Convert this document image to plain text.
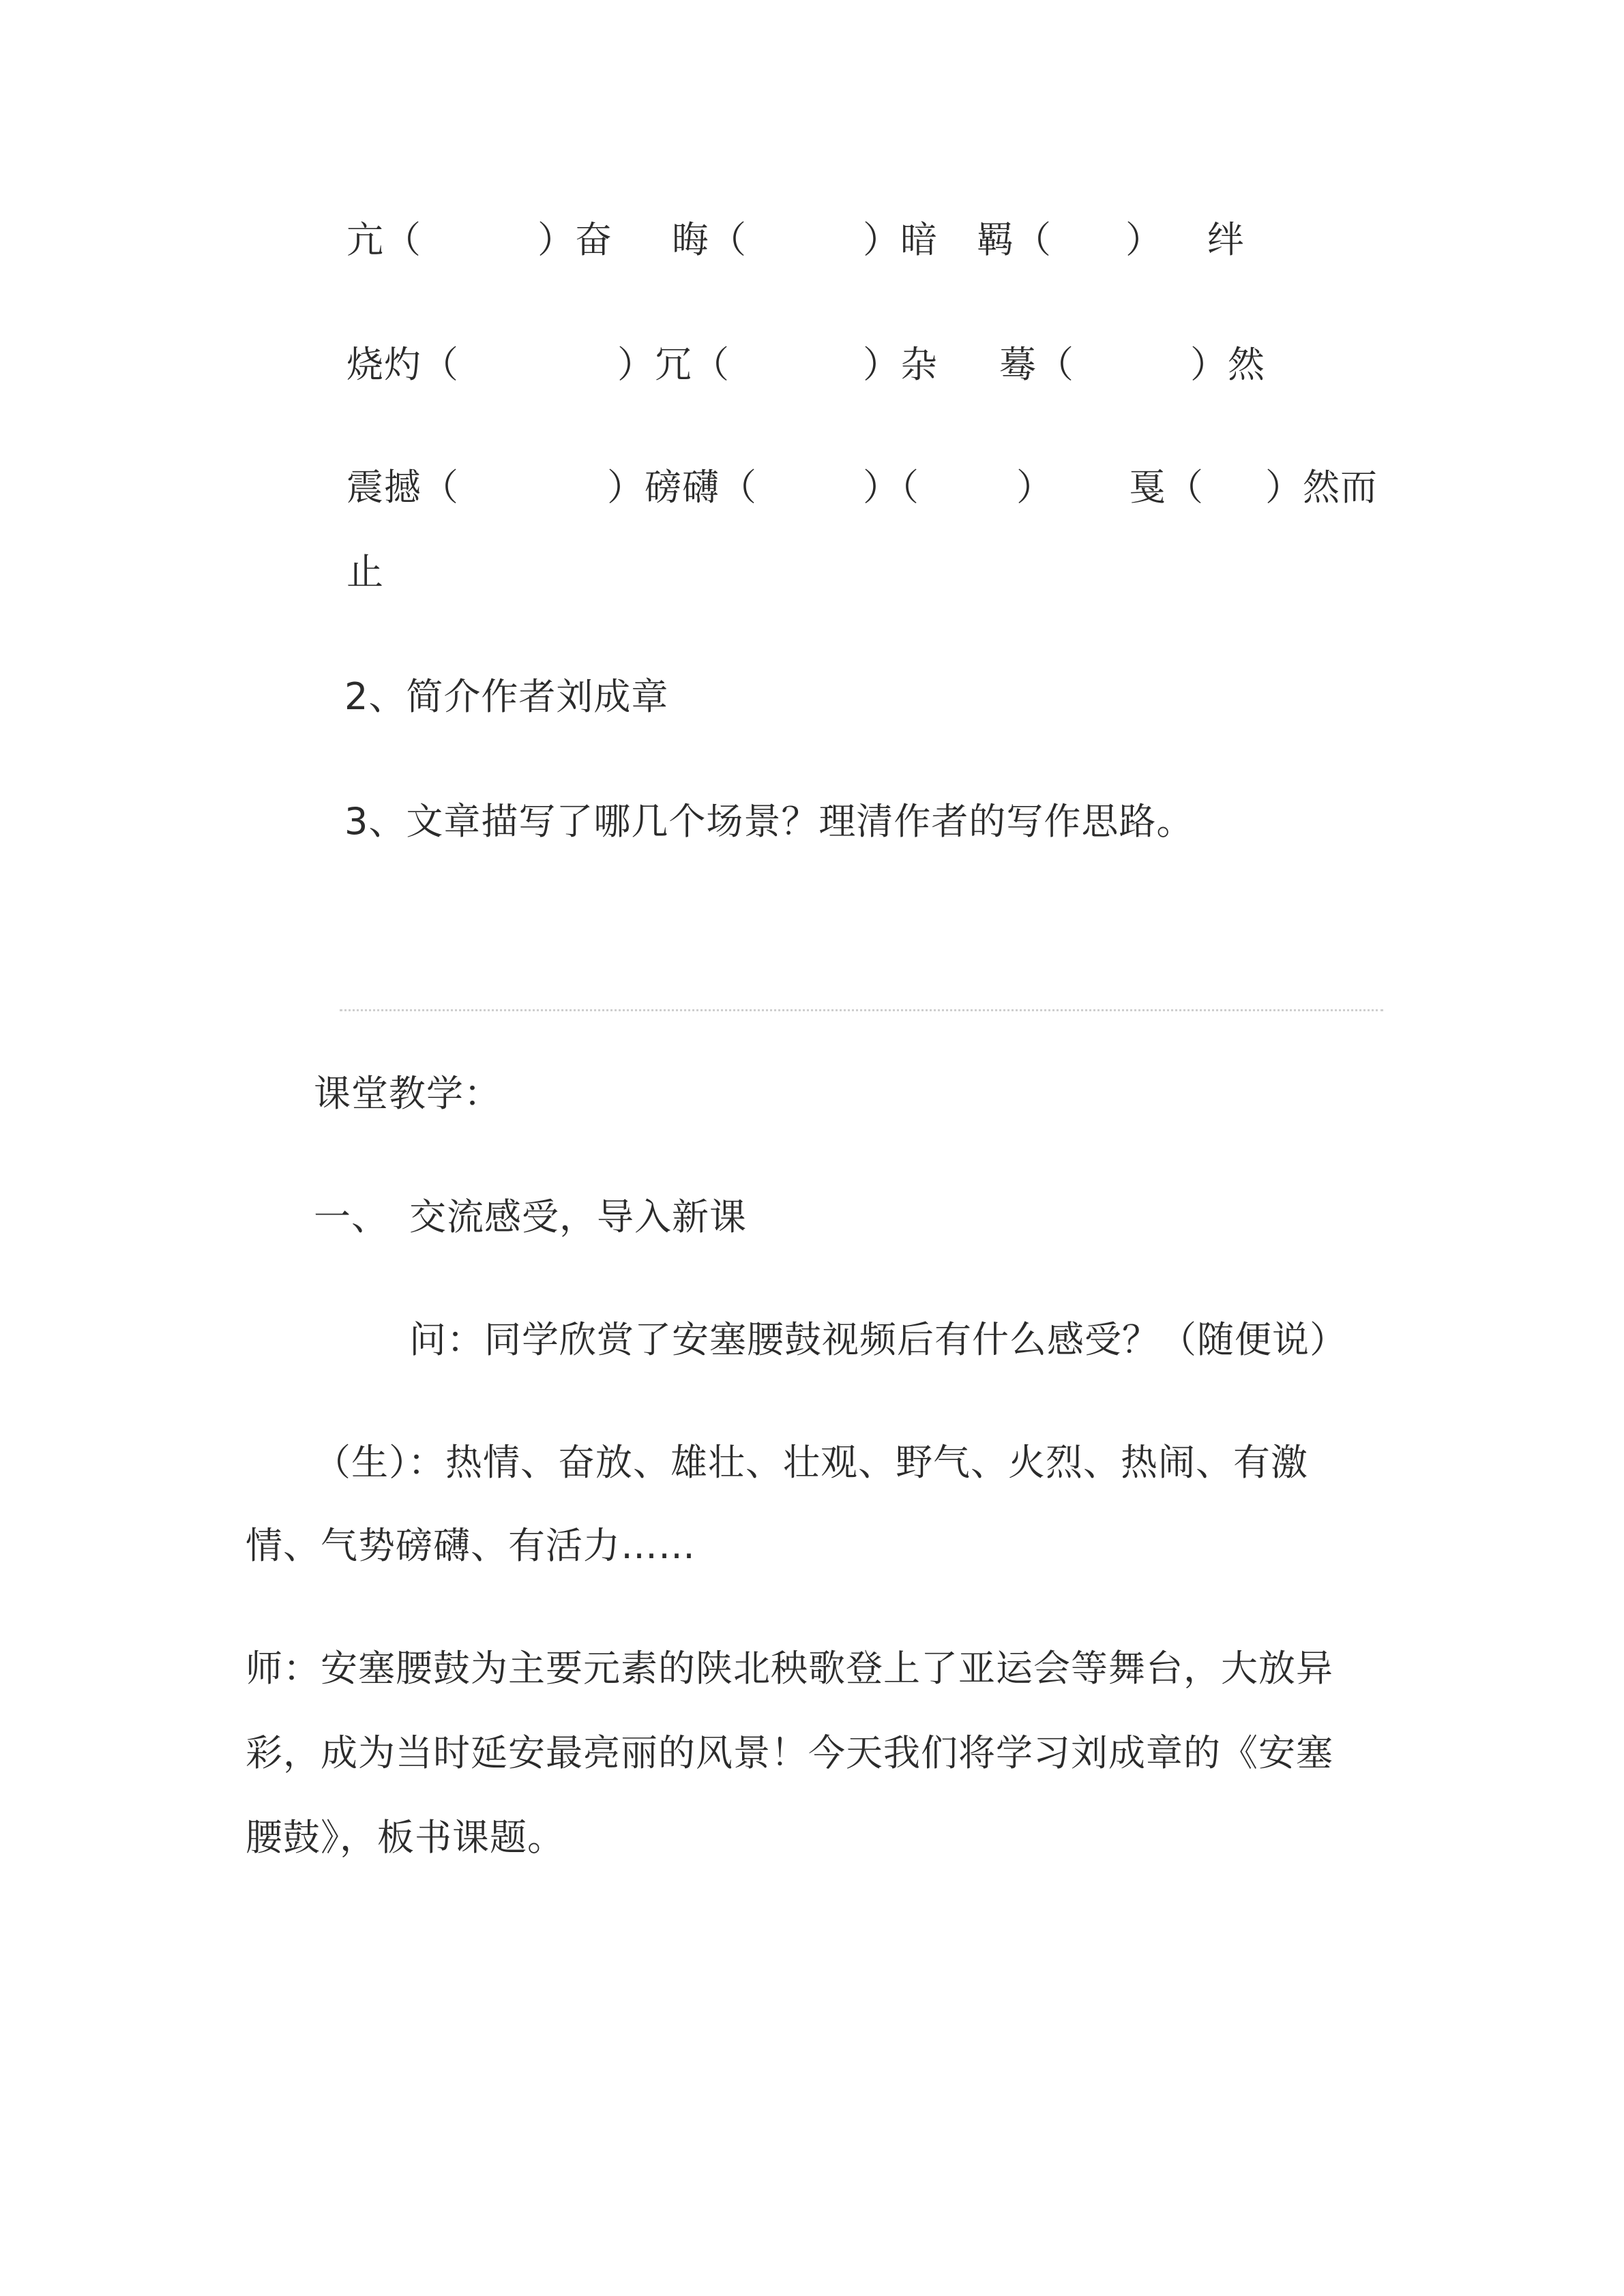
亢（	）奋 晦（	）暗 羁（ ） 绊
烧灼（	）冗（	）杂 蓦（	）然
震撼（	）磅礴（	）（	） 戛（ ）然而
止
2、简介作者刘成章
3、文章描写了哪几个场景？理清作者的写作思路。
课堂教学：
一、 交流感受，导入新课
问：同学欣赏了安塞腰鼓视频后有什么感受？（随便说）
（生）：热情、奋放、雄壮、壮观、野气、火烈、热闹、有激
情、气势磅礴、有活力……
师：安塞腰鼓为主要元素的陕北秧歌登上了亚运会等舞台，大放异
彩，成为当时延安最亮丽的风景！今天我们将学习刘成章的《安塞
腰鼓》，板书课题。
